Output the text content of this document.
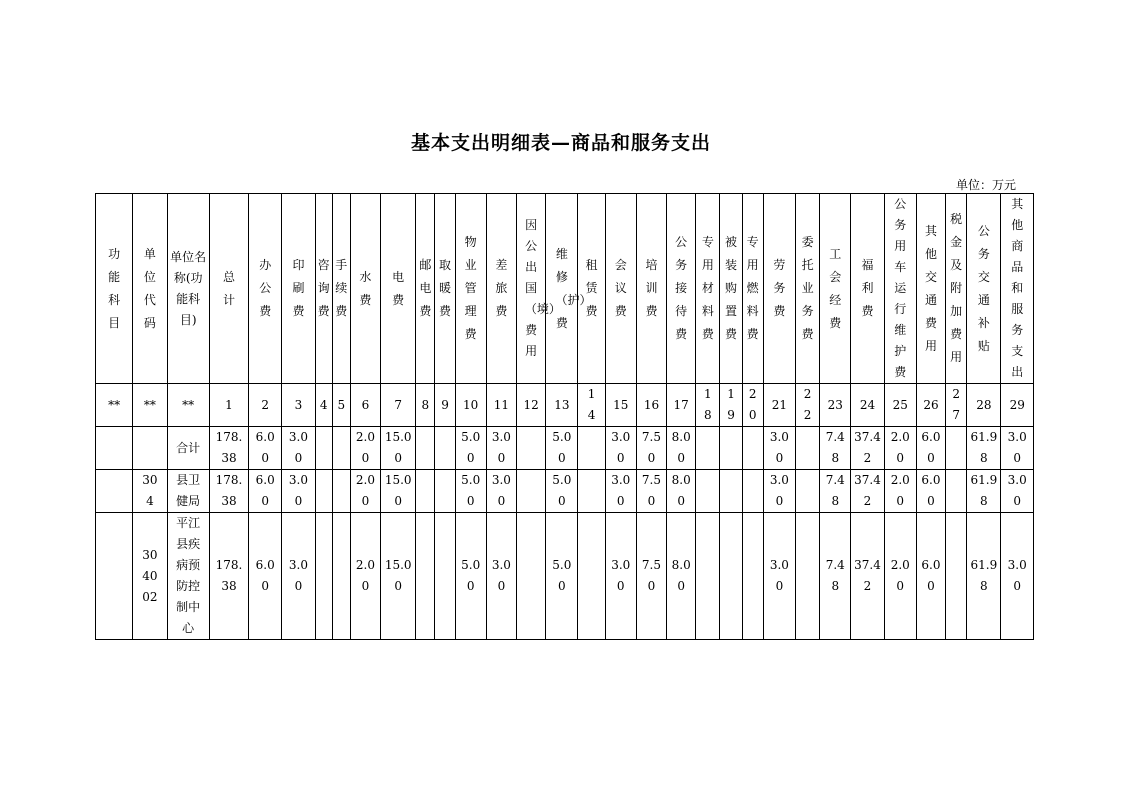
基本支出明细表—商品和服务支出
单位：万元
功能科目	单位代码	单位名称(功能科目)	总计	办公费	印刷费	咨询费	手续费	水费	电费	邮电费	取暖费	物业管理费	差旅费	因公出国（境）费用	维修（护）费	租赁费	会议费	培训费	公务接待费	专用材料费	被装购置费	专用燃料费	劳务费	委托业务费	工会经费	福利费	公务用车运行维护费	其他交通费用	税金及附加费用	公务交通补贴	其他商品和服务支出
**	**	**	1	2	3	4	5	6	7	8	9	10	11	12	13	14	15	16	17	18	19	20	21	22	23	24	25	26	27	28	29
		合计	178.38	6.00	3.00			2.00	15.00			5.00	3.00		5.00		3.00	7.50	8.00				3.00		7.48	37.42	2.00	6.00		61.98	3.00
	304	县卫健局	178.38	6.00	3.00			2.00	15.00			5.00	3.00		5.00		3.00	7.50	8.00				3.00		7.48	37.42	2.00	6.00		61.98	3.00
	304002	平江县疾病预防控制中心	178.38	6.00	3.00			2.00	15.00			5.00	3.00		5.00		3.00	7.50	8.00				3.00		7.48	37.42	2.00	6.00		61.98	3.00
